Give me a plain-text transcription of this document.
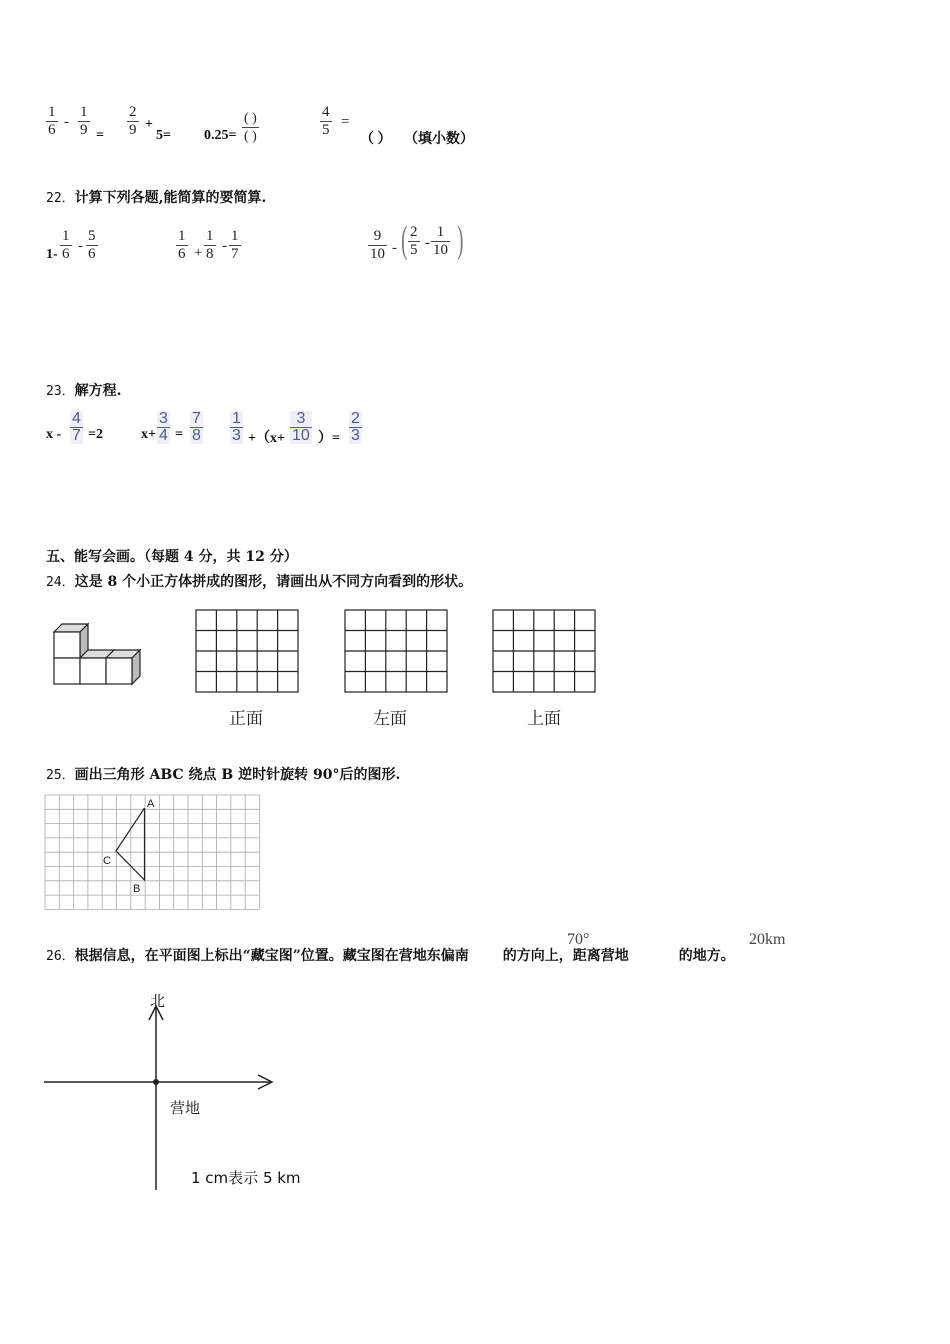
$\frac{1}{6} - \frac{1}{9} = \frac{2}{9}$ +
5= 0.25=
( )
( )	$\frac{4}{5}$ =
（ ） （填小数）
22．计算下列各题,能简算的要简算.
$1- \frac{1}{6} - \frac{5}{6}$	$\frac{1}{6} + \frac{1}{8} - \frac{1}{7}$	$\frac{9}{10}$ - ( $\frac{2}{5} - \frac{1}{10}$ )
23．解方程.
x -
4
7 =2	x+
3
4 =
7
8
1
3 +（x+
3
10 ）=
2
3
五、能写会画。（每题 4 分，共 12 分）
24．这是 8 个小正方体拼成的图形，请画出从不同方向看到的形状。
正面	左面	上面
25．画出三角形 ABC 绕点 B 逆时针旋转 90°后的图形.
A
B
C
26．根据信息，在平面图上标出“藏宝图”位置。藏宝图在营地东偏南 的方向上，距离营地	的地方。
70°	20km
北
营地
1 cm表示 5 km
